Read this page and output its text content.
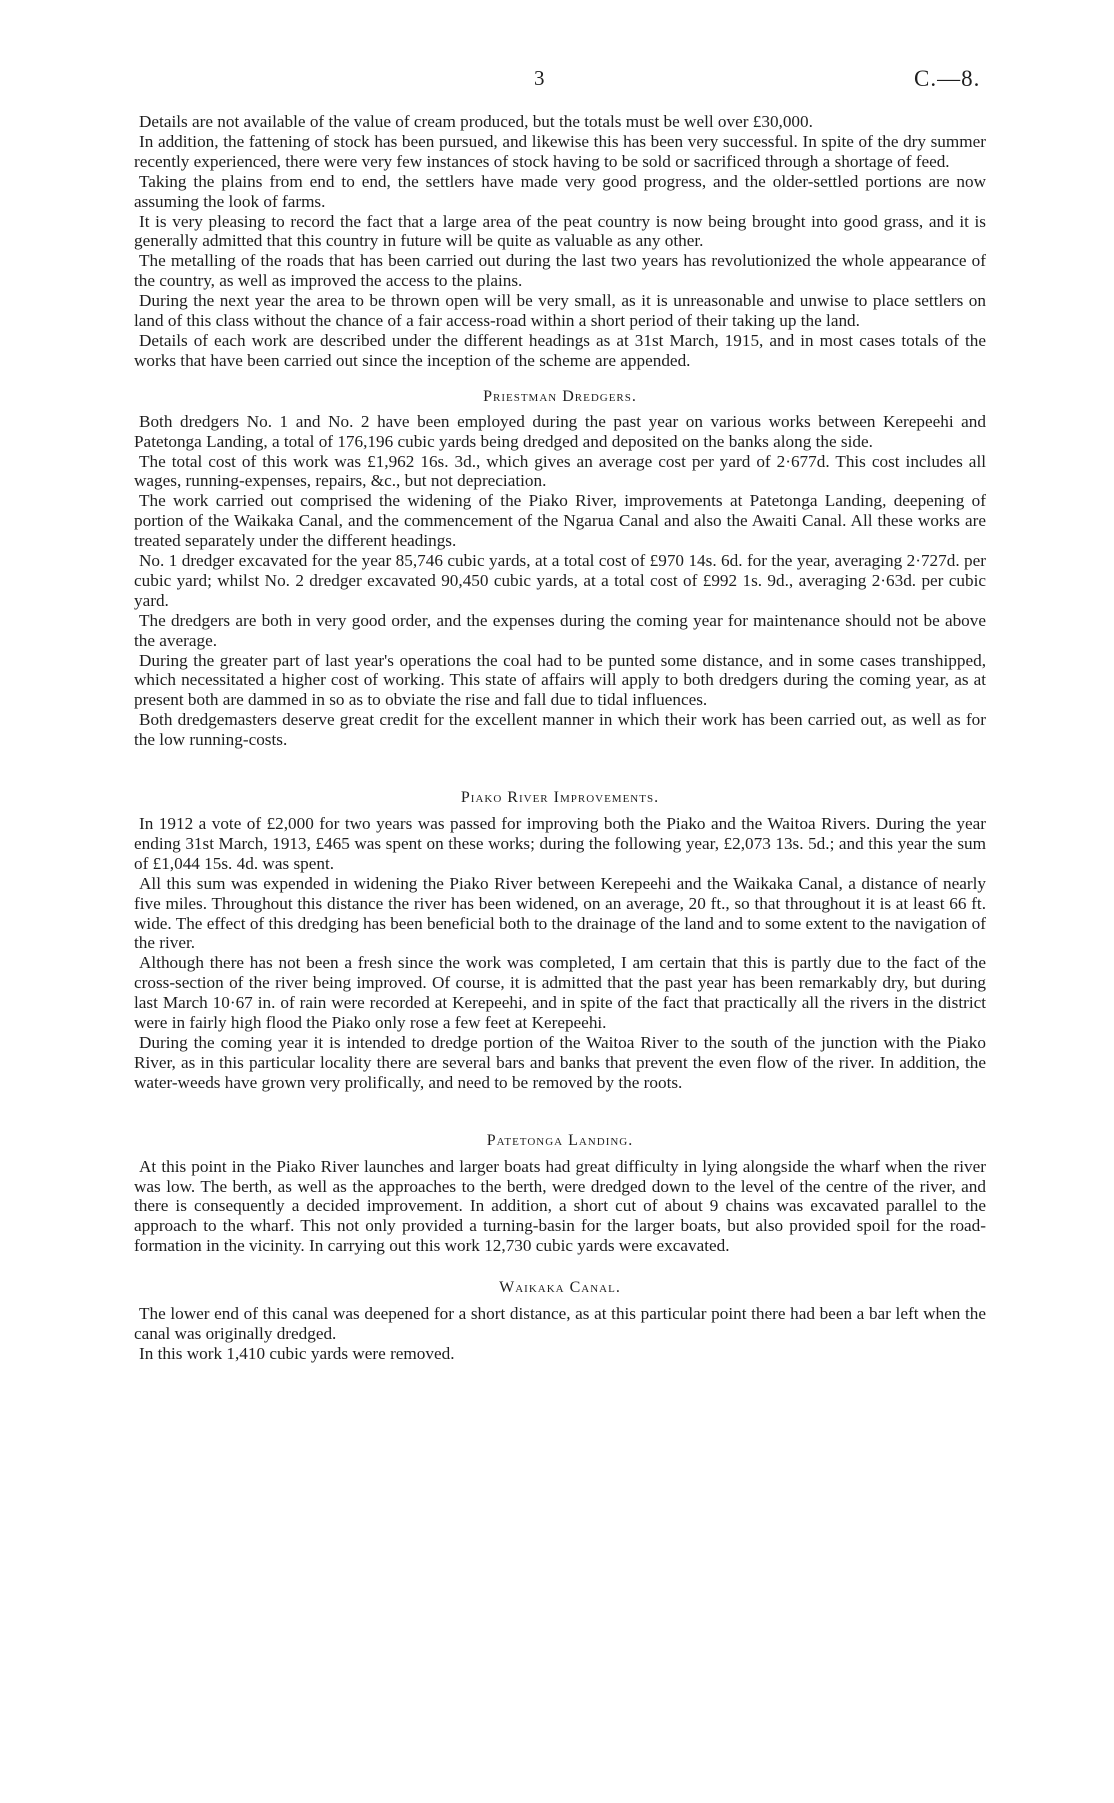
3	C.—8.

Details are not available of the value of cream produced, but the totals must be well over £30,000.

In addition, the fattening of stock has been pursued, and likewise this has been very successful. In spite of the dry summer recently experienced, there were very few instances of stock having to be sold or sacrificed through a shortage of feed.

Taking the plains from end to end, the settlers have made very good progress, and the older-settled portions are now assuming the look of farms.

It is very pleasing to record the fact that a large area of the peat country is now being brought into good grass, and it is generally admitted that this country in future will be quite as valuable as any other.

The metalling of the roads that has been carried out during the last two years has revolutionized the whole appearance of the country, as well as improved the access to the plains.

During the next year the area to be thrown open will be very small, as it is unreasonable and unwise to place settlers on land of this class without the chance of a fair access-road within a short period of their taking up the land.

Details of each work are described under the different headings as at 31st March, 1915, and in most cases totals of the works that have been carried out since the inception of the scheme are appended.

Priestman Dredgers.

Both dredgers No. 1 and No. 2 have been employed during the past year on various works between Kerepeehi and Patetonga Landing, a total of 176,196 cubic yards being dredged and deposited on the banks along the side.

The total cost of this work was £1,962 16s. 3d., which gives an average cost per yard of 2·677d. This cost includes all wages, running-expenses, repairs, &c., but not depreciation.

The work carried out comprised the widening of the Piako River, improvements at Patetonga Landing, deepening of portion of the Waikaka Canal, and the commencement of the Ngarua Canal and also the Awaiti Canal. All these works are treated separately under the different headings.

No. 1 dredger excavated for the year 85,746 cubic yards, at a total cost of £970 14s. 6d. for the year, averaging 2·727d. per cubic yard; whilst No. 2 dredger excavated 90,450 cubic yards, at a total cost of £992 1s. 9d., averaging 2·63d. per cubic yard.

The dredgers are both in very good order, and the expenses during the coming year for maintenance should not be above the average.

During the greater part of last year's operations the coal had to be punted some distance, and in some cases transhipped, which necessitated a higher cost of working. This state of affairs will apply to both dredgers during the coming year, as at present both are dammed in so as to obviate the rise and fall due to tidal influences.

Both dredgemasters deserve great credit for the excellent manner in which their work has been carried out, as well as for the low running-costs.

Piako River Improvements.

In 1912 a vote of £2,000 for two years was passed for improving both the Piako and the Waitoa Rivers. During the year ending 31st March, 1913, £465 was spent on these works; during the following year, £2,073 13s. 5d.; and this year the sum of £1,044 15s. 4d. was spent.

All this sum was expended in widening the Piako River between Kerepeehi and the Waikaka Canal, a distance of nearly five miles. Throughout this distance the river has been widened, on an average, 20 ft., so that throughout it is at least 66 ft. wide. The effect of this dredging has been beneficial both to the drainage of the land and to some extent to the navigation of the river.

Although there has not been a fresh since the work was completed, I am certain that this is partly due to the fact of the cross-section of the river being improved. Of course, it is admitted that the past year has been remarkably dry, but during last March 10·67 in. of rain were recorded at Kerepeehi, and in spite of the fact that practically all the rivers in the district were in fairly high flood the Piako only rose a few feet at Kerepeehi.

During the coming year it is intended to dredge portion of the Waitoa River to the south of the junction with the Piako River, as in this particular locality there are several bars and banks that prevent the even flow of the river. In addition, the water-weeds have grown very prolifically, and need to be removed by the roots.

Patetonga Landing.

At this point in the Piako River launches and larger boats had great difficulty in lying alongside the wharf when the river was low. The berth, as well as the approaches to the berth, were dredged down to the level of the centre of the river, and there is consequently a decided improvement. In addition, a short cut of about 9 chains was excavated parallel to the approach to the wharf. This not only provided a turning-basin for the larger boats, but also provided spoil for the road-formation in the vicinity. In carrying out this work 12,730 cubic yards were excavated.

Waikaka Canal.

The lower end of this canal was deepened for a short distance, as at this particular point there had been a bar left when the canal was originally dredged.

In this work 1,410 cubic yards were removed.
